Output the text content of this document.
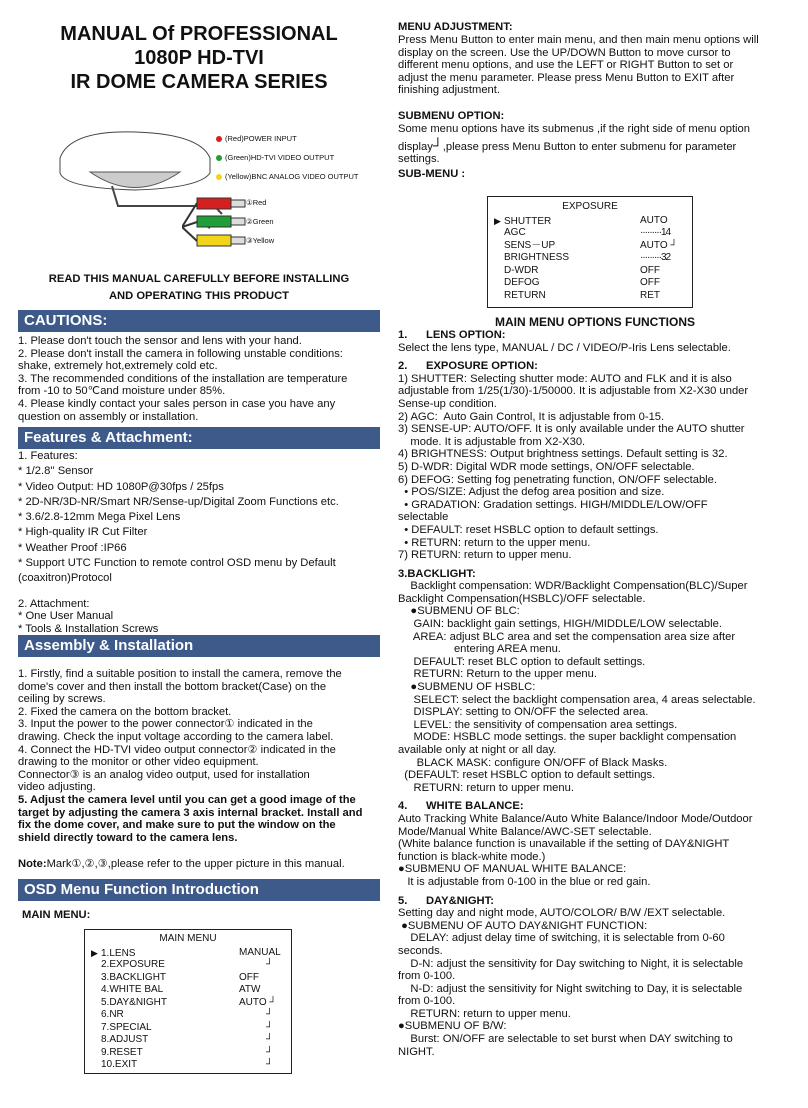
MANUAL Of PROFESSIONAL
1080P HD-TVI
IR DOME CAMERA SERIES
①Red
②Green
③Yellow
(Red)POWER INPUT
(Green)HD-TVI VIDEO OUTPUT
(Yellow)BNC ANALOG VIDEO OUTPUT
READ THIS MANUAL CAREFULLY BEFORE INSTALLING
AND OPERATING THIS PRODUCT
CAUTIONS:
1. Please don't touch the sensor and lens with your hand.
2. Please don't install the camera in following unstable conditions:
shake, extremely hot,extremely cold etc.
3. The recommended conditions of the installation are temperature
from -10 to 50℃and moisture under 85%.
4. Please kindly contact your sales person in case you have any
question on assembly or installation.
Features & Attachment:
1. Features:
* 1/2.8'' Sensor
* Video Output: HD 1080P@30fps / 25fps
* 2D-NR/3D-NR/Smart NR/Sense-up/Digital Zoom Functions etc.
* 3.6/2.8-12mm Mega Pixel Lens
* High-quality IR Cut Filter
* Weather Proof :IP66
* Support UTC Function to remote control OSD menu by Default
(coaxitron)Protocol
2. Attachment:
* One User Manual
* Tools & Installation Screws
Assembly & Installation
1. Firstly, find a suitable position to install the camera, remove the
dome's cover and then install the bottom bracket(Case) on the
ceiling by screws.
2. Fixed the camera on the bottom bracket.
3. Input the power to the power connector① indicated in the
drawing. Check the input voltage according to the camera label.
4. Connect the HD-TVI video output connector② indicated in the
drawing to the monitor or other video equipment.
Connector③ is an analog video output, used for installation
video adjusting.
5. Adjust the camera level until you can get a good image of the
target by adjusting the camera 3 axis internal bracket. Install and
fix the dome cover, and make sure to put the window on the
shield directly toward to the camera lens.
Note:Mark①,②,③,please refer to the upper picture in this manual.
OSD Menu Function Introduction
MAIN MENU:
MAIN MENU
▶ 1.LENS	MANUAL
2.EXPOSURE	┘
3.BACKLIGHT	OFF
4.WHITE BAL	ATW
5.DAY&NIGHT	AUTO ┘
6.NR	┘
7.SPECIAL	┘
8.ADJUST	┘
9.RESET	┘
10.EXIT	┘
MENU ADJUSTMENT:
Press Menu Button to enter main menu, and then main menu options will
display on the screen. Use the UP/DOWN Button to move cursor to
different menu options, and use the LEFT or RIGHT Button to set or
adjust the menu parameter. Please press Menu Button to EXIT after
finishing adjustment.
SUBMENU OPTION:
Some menu options have its submenus ,if the right side of menu option
display┘,please press Menu Button to enter submenu for parameter
settings.
SUB-MENU :
EXPOSURE
▶ SHUTTER	AUTO
AGC	·········14
SENS－UP	AUTO ┘
BRIGHTNESS	·········32
D-WDR	OFF
DEFOG	OFF
RETURN	RET
MAIN MENU OPTIONS FUNCTIONS
1.      LENS OPTION:
Select the lens type, MANUAL / DC / VIDEO/P-Iris Lens selectable.
2.      EXPOSURE OPTION:
1) SHUTTER: Selecting shutter mode: AUTO and FLK and it is also
adjustable from 1/25(1/30)-1/50000. It is adjustable from X2-X30 under
Sense-up condition.
2) AGC:  Auto Gain Control, It is adjustable from 0-15.
3) SENSE-UP: AUTO/OFF. It is only available under the AUTO shutter
mode. It is adjustable from X2-X30.
4) BRIGHTNESS: Output brightness settings. Default setting is 32.
5) D-WDR: Digital WDR mode settings, ON/OFF selectable.
6) DEFOG: Setting fog penetrating function, ON/OFF selectable.
• POS/SIZE: Adjust the defog area position and size.
• GRADATION: Gradation settings. HIGH/MIDDLE/LOW/OFF
selectable
• DEFAULT: reset HSBLC option to default settings.
• RETURN: return to the upper menu.
7) RETURN: return to upper menu.
3.BACKLIGHT:
Backlight compensation: WDR/Backlight Compensation(BLC)/Super
Backlight Compensation(HSBLC)/OFF selectable.
●SUBMENU OF BLC:
GAIN: backlight gain settings, HIGH/MIDDLE/LOW selectable.
AREA: adjust BLC area and set the compensation area size after
entering AREA menu.
DEFAULT: reset BLC option to default settings.
RETURN: Return to the upper menu.
●SUBMENU OF HSBLC:
SELECT: select the backlight compensation area, 4 areas selectable.
DISPLAY: setting to ON/OFF the selected area.
LEVEL: the sensitivity of compensation area settings.
MODE: HSBLC mode settings. the super backlight compensation
available only at night or all day.
BLACK MASK: configure ON/OFF of Black Masks.
(DEFAULT: reset HSBLC option to default settings.
RETURN: return to upper menu.
4.      WHITE BALANCE:
Auto Tracking White Balance/Auto White Balance/Indoor Mode/Outdoor
Mode/Manual White Balance/AWC-SET selectable.
(White balance function is unavailable if the setting of DAY&NIGHT
function is black-white mode.)
●SUBMENU OF MANUAL WHITE BALANCE:
It is adjustable from 0-100 in the blue or red gain.
5.      DAY&NIGHT:
Setting day and night mode, AUTO/COLOR/ B/W /EXT selectable.
●SUBMENU OF AUTO DAY&NIGHT FUNCTION:
DELAY: adjust delay time of switching, it is selectable from 0-60
seconds.
D-N: adjust the sensitivity for Day switching to Night, it is selectable
from 0-100.
N-D: adjust the sensitivity for Night switching to Day, it is selectable
from 0-100.
RETURN: return to upper menu.
●SUBMENU OF B/W:
Burst: ON/OFF are selectable to set burst when DAY switching to
NIGHT.
